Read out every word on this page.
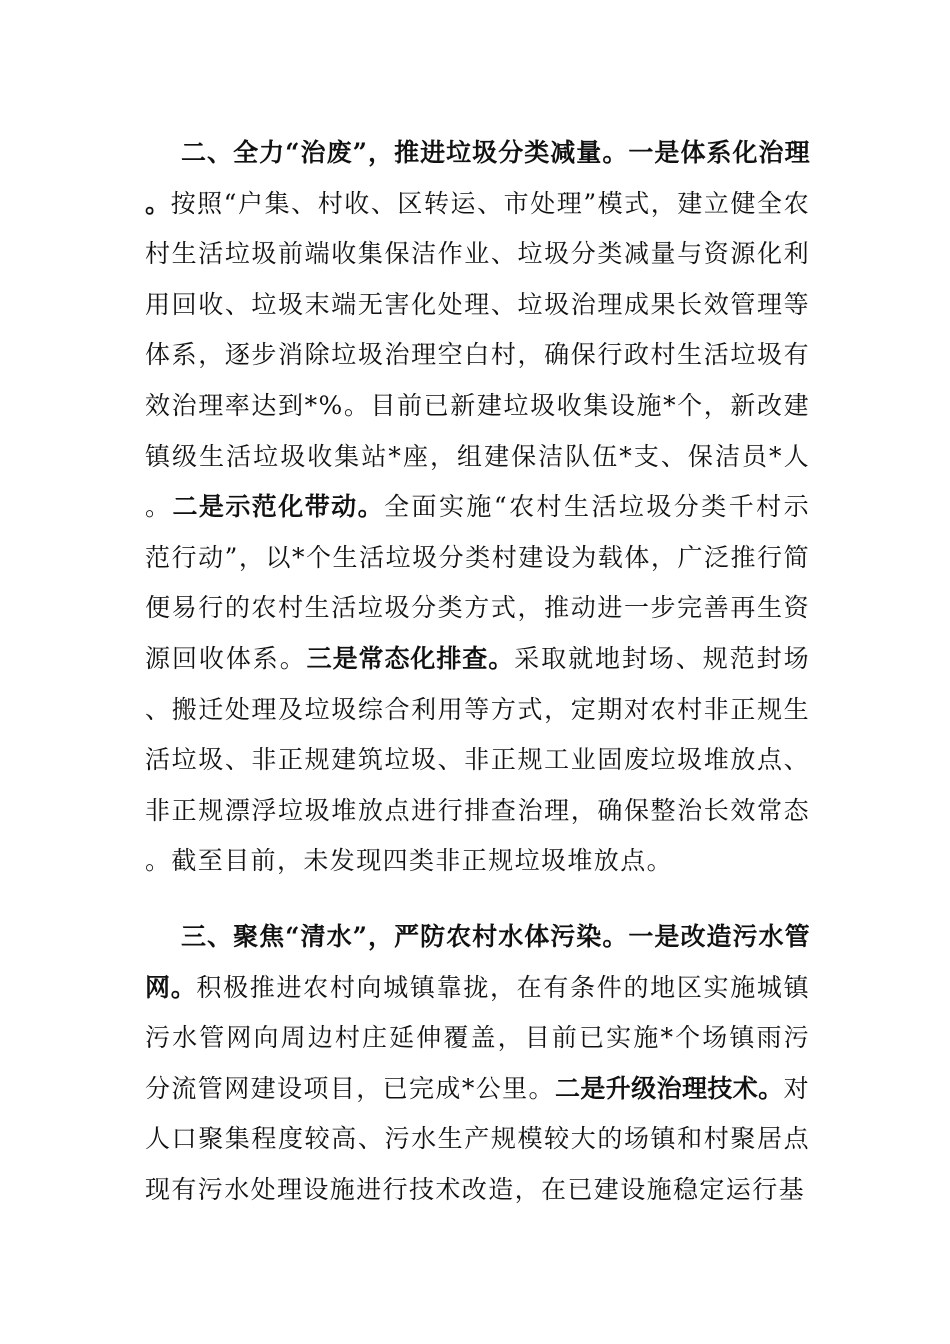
二、全力“治废”，推进垃圾分类减量。一是体系化治理。按照“户集、村收、区转运、市处理”模式，建立健全农村生活垃圾前端收集保洁作业、垃圾分类减量与资源化利用回收、垃圾末端无害化处理、垃圾治理成果长效管理等体系，逐步消除垃圾治理空白村，确保行政村生活垃圾有效治理率达到*%。目前已新建垃圾收集设施*个，新改建镇级生活垃圾收集站*座，组建保洁队伍*支、保洁员*人。二是示范化带动。全面实施“农村生活垃圾分类千村示范行动”，以*个生活垃圾分类村建设为载体，广泛推行简便易行的农村生活垃圾分类方式，推动进一步完善再生资源回收体系。三是常态化排查。采取就地封场、规范封场、搬迁处理及垃圾综合利用等方式，定期对农村非正规生活垃圾、非正规建筑垃圾、非正规工业固废垃圾堆放点、非正规漂浮垃圾堆放点进行排查治理，确保整治长效常态。截至目前，未发现四类非正规垃圾堆放点。

三、聚焦“清水”，严防农村水体污染。一是改造污水管网。积极推进农村向城镇靠拢，在有条件的地区实施城镇污水管网向周边村庄延伸覆盖，目前已实施*个场镇雨污分流管网建设项目，已完成*公里。二是升级治理技术。对人口聚集程度较高、污水生产规模较大的场镇和村聚居点现有污水处理设施进行技术改造，在已建设施稳定运行基
